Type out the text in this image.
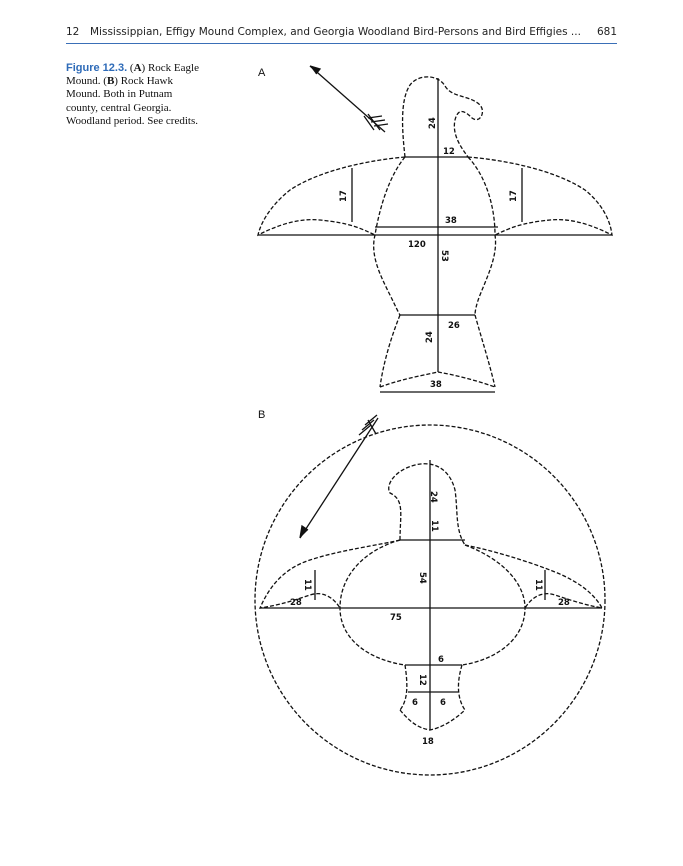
12 Mississippian, Effigy Mound Complex, and Georgia Woodland Bird-Persons and Bird Effigies ... 681
Figure 12.3. (A) Rock Eagle Mound. (B) Rock Hawk Mound. Both in Putnam county, central Georgia. Woodland period. See credits.
A
24
12
17	17
38
120
53
26
24
38
B
24
11
54
11	11
28	28
75
6
12
6	6
18
